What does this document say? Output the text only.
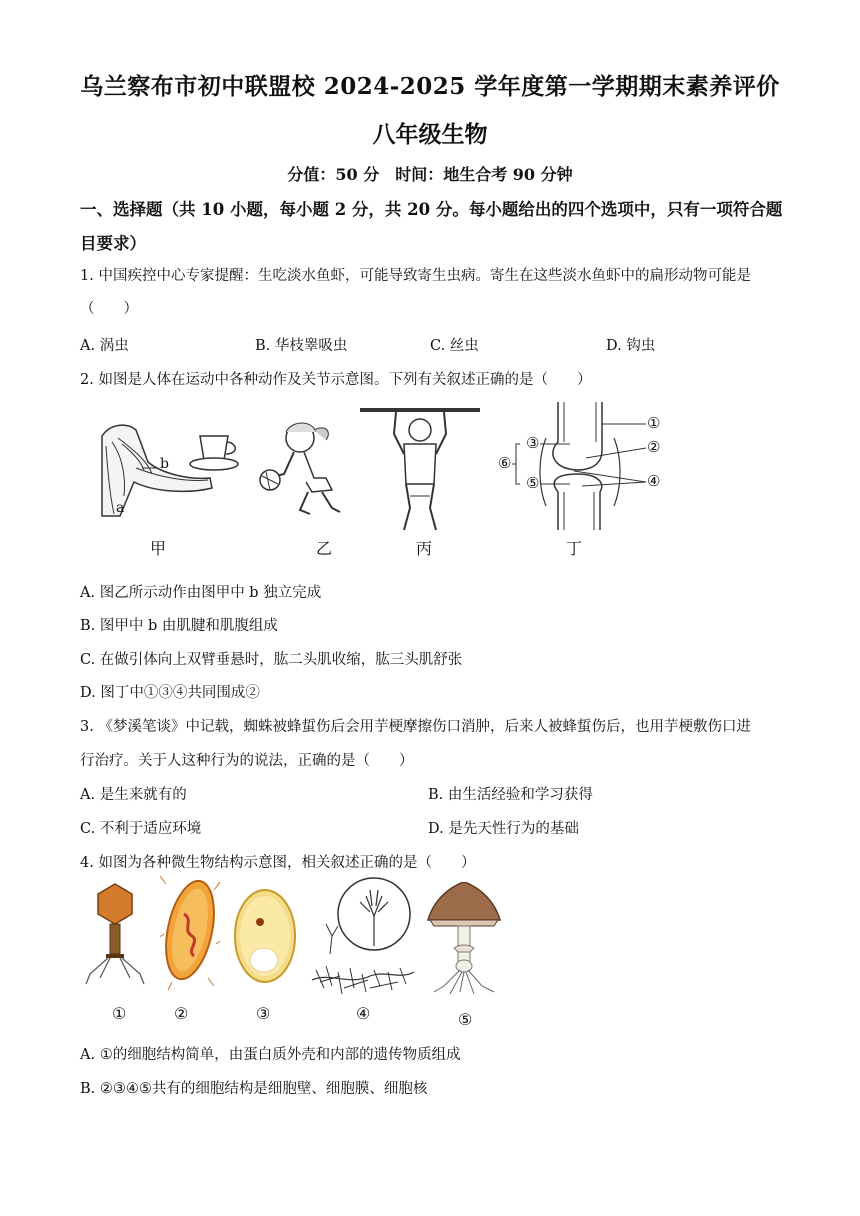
乌兰察布市初中联盟校 2024-2025 学年度第一学期期末素养评价
八年级生物
分值：50 分　时间：地生合考 90 分钟
一、选择题（共 10 小题，每小题 2 分，共 20 分。每小题给出的四个选项中，只有一项符合题目要求）
1. 中国疾控中心专家提醒：生吃淡水鱼虾，可能导致寄生虫病。寄生在这些淡水鱼虾中的扁形动物可能是
（　　）
A. 涡虫	B. 华枝睾吸虫	C. 丝虫	D. 钩虫
2. 如图是人体在运动中各种动作及关节示意图。下列有关叙述正确的是（　　）
b
a
①
②
③
④
⑤
⑥
甲	乙	丙	丁
A. 图乙所示动作由图甲中 b 独立完成
B. 图甲中 b 由肌腱和肌腹组成
C. 在做引体向上双臂垂悬时，肱二头肌收缩，肱三头肌舒张
D. 图丁中①③④共同围成②
3. 《梦溪笔谈》中记载，蜘蛛被蜂蜇伤后会用芋梗摩擦伤口消肿，后来人被蜂蜇伤后，也用芋梗敷伤口进
行治疗。关于人这种行为的说法，正确的是（　　）
A. 是生来就有的	B. 由生活经验和学习获得
C. 不利于适应环境	D. 是先天性行为的基础
4. 如图为各种微生物结构示意图，相关叙述正确的是（　　）
①	②	③	④	⑤
A. ①的细胞结构简单，由蛋白质外壳和内部的遗传物质组成
B. ②③④⑤共有的细胞结构是细胞壁、细胞膜、细胞核
